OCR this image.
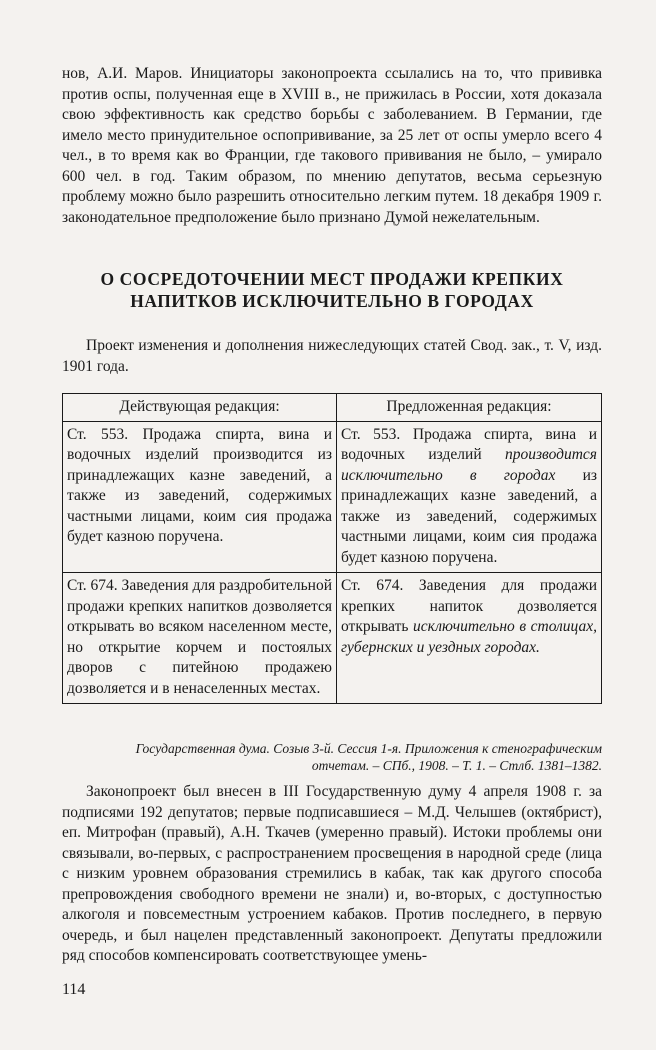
нов, А.И. Маров. Инициаторы законопроекта ссылались на то, что прививка против оспы, полученная еще в XVIII в., не прижилась в России, хотя доказала свою эффективность как средство борьбы с заболеванием. В Германии, где имело место принудительное оспопрививание, за 25 лет от оспы умерло всего 4 чел., в то время как во Франции, где такового прививания не было, – умирало 600 чел. в год. Таким образом, по мнению депутатов, весьма серьезную проблему можно было разрешить относительно легким путем. 18 декабря 1909 г. законодательное предположение было признано Думой нежелательным.

О СОСРЕДОТОЧЕНИИ МЕСТ ПРОДАЖИ КРЕПКИХ
НАПИТКОВ ИСКЛЮЧИТЕЛЬНО В ГОРОДАХ

Проект изменения и дополнения нижеследующих статей Свод. зак., т. V, изд. 1901 года.

Действующая редакция:	Предложенная редакция:
Ст. 553. Продажа спирта, вина и водочных изделий производится из принадлежащих казне заведений, а также из заведений, содержимых частными лицами, коим сия продажа будет казною поручена.	Ст. 553. Продажа спирта, вина и водочных изделий производится исключительно в городах из принадлежащих казне заведений, а также из заведений, содержимых частными лицами, коим сия продажа будет казною поручена.
Ст. 674. Заведения для раздробительной продажи крепких напитков дозволяется открывать во всяком населенном месте, но открытие корчем и постоялых дворов с питейною продажею дозволяется и в ненаселенных местах.	Ст. 674. Заведения для продажи крепких напиток дозволяется открывать исключительно в столицах, губернских и уездных городах.

Государственная дума. Созыв 3-й. Сессия 1-я. Приложения к стенографическим

отчетам. – СПб., 1908. – Т. 1. – Стлб. 1381–1382.

Законопроект был внесен в III Государственную думу 4 апреля 1908 г. за подписями 192 депутатов; первые подписавшиеся – М.Д. Челышев (октябрист), еп. Митрофан (правый), А.Н. Ткачев (умеренно правый). Истоки проблемы они связывали, во-первых, с распространением просвещения в народной среде (лица с низким уровнем образования стремились в кабак, так как другого способа препровождения свободного времени не знали) и, во-вторых, с доступностью алкоголя и повсеместным устроением кабаков. Против последнего, в первую очередь, и был нацелен представленный законопроект. Депутаты предложили ряд способов компенсировать соответствующее умень-

114
